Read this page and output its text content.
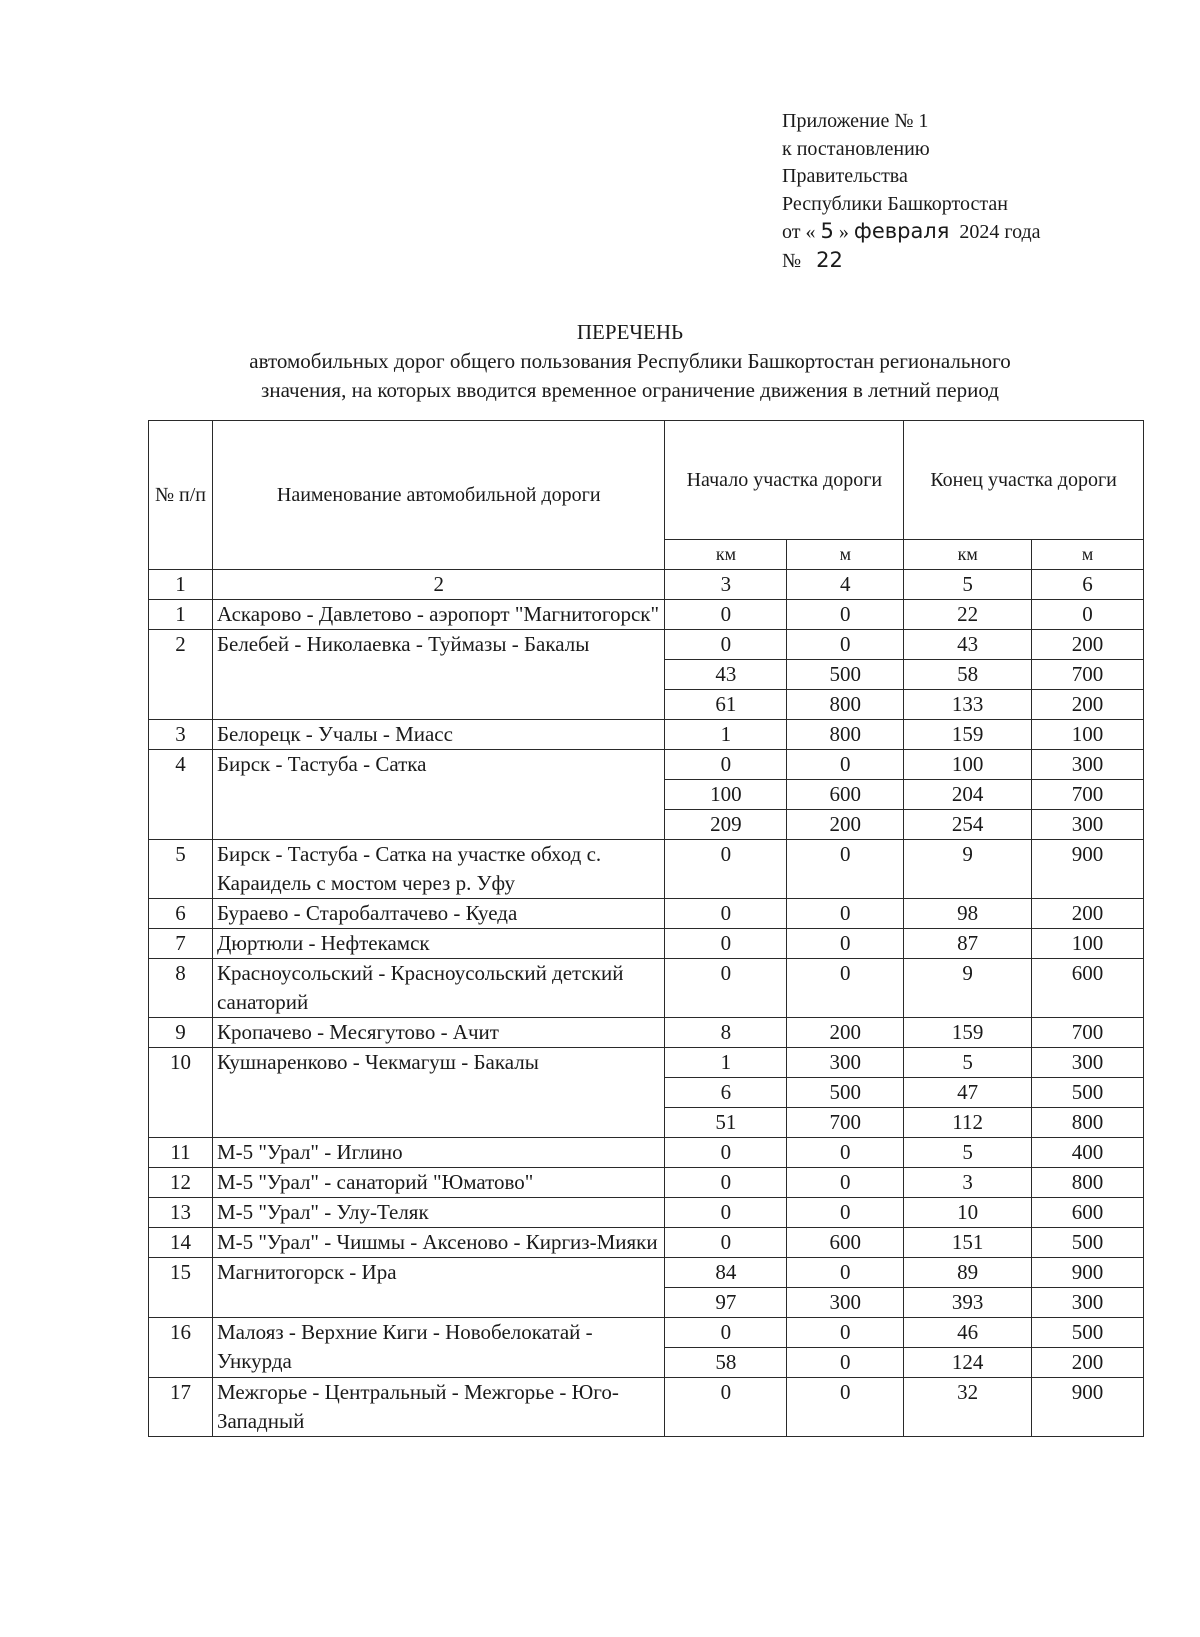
Приложение № 1
к постановлению
Правительства
Республики Башкортостан
от « 5 » февраля 2024 года
№ 22
ПЕРЕЧЕНЬ
автомобильных дорог общего пользования Республики Башкортостан регионального
значения, на которых вводится временное ограничение движения в летний период
№ п/п	Наименование автомобильной дороги	Начало участка дороги		Конец участка дороги	
		км	м	км	м
1	2	3	4	5	6
1	Аскарово - Давлетово - аэропорт "Магнитогорск"	0	0	22	0
2	Белебей - Николаевка - Туймазы - Бакалы	0	0	43	200
		43	500	58	700
		61	800	133	200
3	Белорецк - Учалы - Миасс	1	800	159	100
4	Бирск - Тастуба - Сатка	0	0	100	300
		100	600	204	700
		209	200	254	300
5	Бирск - Тастуба - Сатка на участке обход с. Караидель с мостом через р. Уфу	0	0	9	900
6	Бураево - Старобалтачево - Куеда	0	0	98	200
7	Дюртюли - Нефтекамск	0	0	87	100
8	Красноусольский - Красноусольский детский санаторий	0	0	9	600
9	Кропачево - Месягутово - Ачит	8	200	159	700
10	Кушнаренково - Чекмагуш - Бакалы	1	300	5	300
		6	500	47	500
		51	700	112	800
11	М-5 "Урал" - Иглино	0	0	5	400
12	М-5 "Урал" - санаторий "Юматово"	0	0	3	800
13	М-5 "Урал" - Улу-Теляк	0	0	10	600
14	М-5 "Урал" - Чишмы - Аксеново - Киргиз-Мияки	0	600	151	500
15	Магнитогорск - Ира	84	0	89	900
		97	300	393	300
16	Малояз - Верхние Киги - Новобелокатай - Ункурда	0	0	46	500
		58	0	124	200
17	Межгорье - Центральный - Межгорье - Юго-Западный	0	0	32	900
